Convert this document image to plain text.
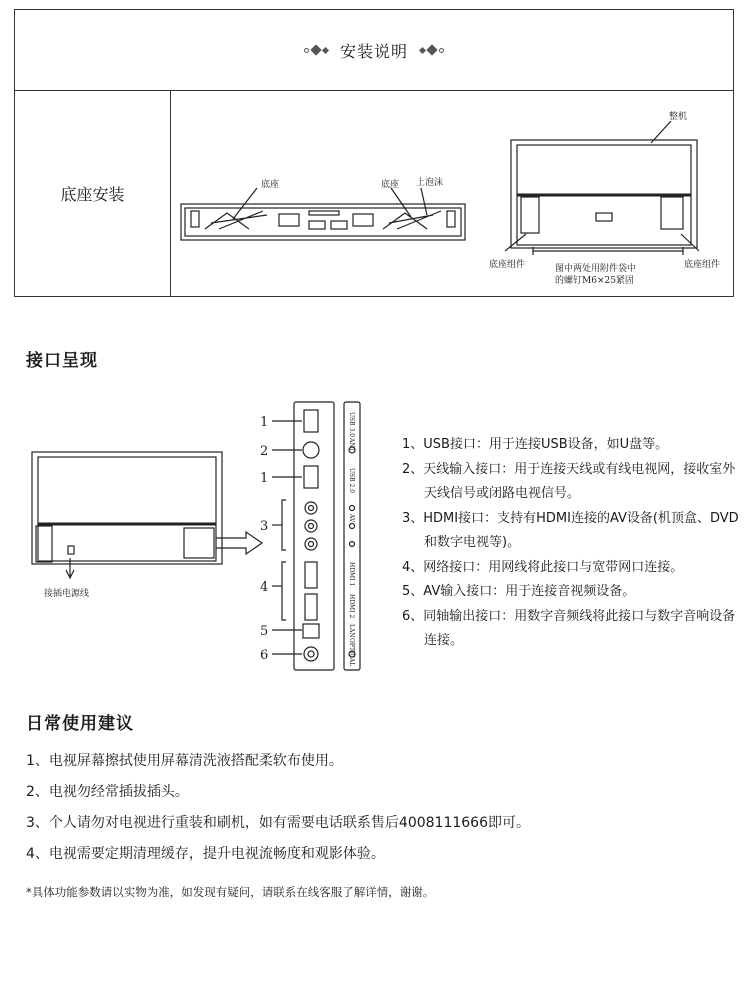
安装说明
底座安装	底座	底座 上泡沫
整机
底座组件	底座组件
图中两处用附件袋中
的螺钉M6×25紧固
接口呈现
1
2
1
3
4
5
6
USB 3.0
ANT
USB 2.0
AV
HDMI 1
HDMI 2
LAN
OPTICAL
接插电源线
1、USB接口：用于连接USB设备，如U盘等。
2、天线输入接口：用于连接天线或有线电视网，接收室外天线信号或闭路电视信号。
3、HDMI接口：支持有HDMI连接的AV设备(机顶盒、DVD和数字电视等)。
4、网络接口：用网线将此接口与宽带网口连接。
5、AV输入接口：用于连接音视频设备。
6、同轴输出接口：用数字音频线将此接口与数字音响设备连接。
日常使用建议
1、电视屏幕擦拭使用屏幕清洗液搭配柔软布使用。
2、电视勿经常插拔插头。
3、个人请勿对电视进行重装和刷机，如有需要电话联系售后4008111666即可。
4、电视需要定期清理缓存，提升电视流畅度和观影体验。
*具体功能参数请以实物为准，如发现有疑问，请联系在线客服了解详情，谢谢。
